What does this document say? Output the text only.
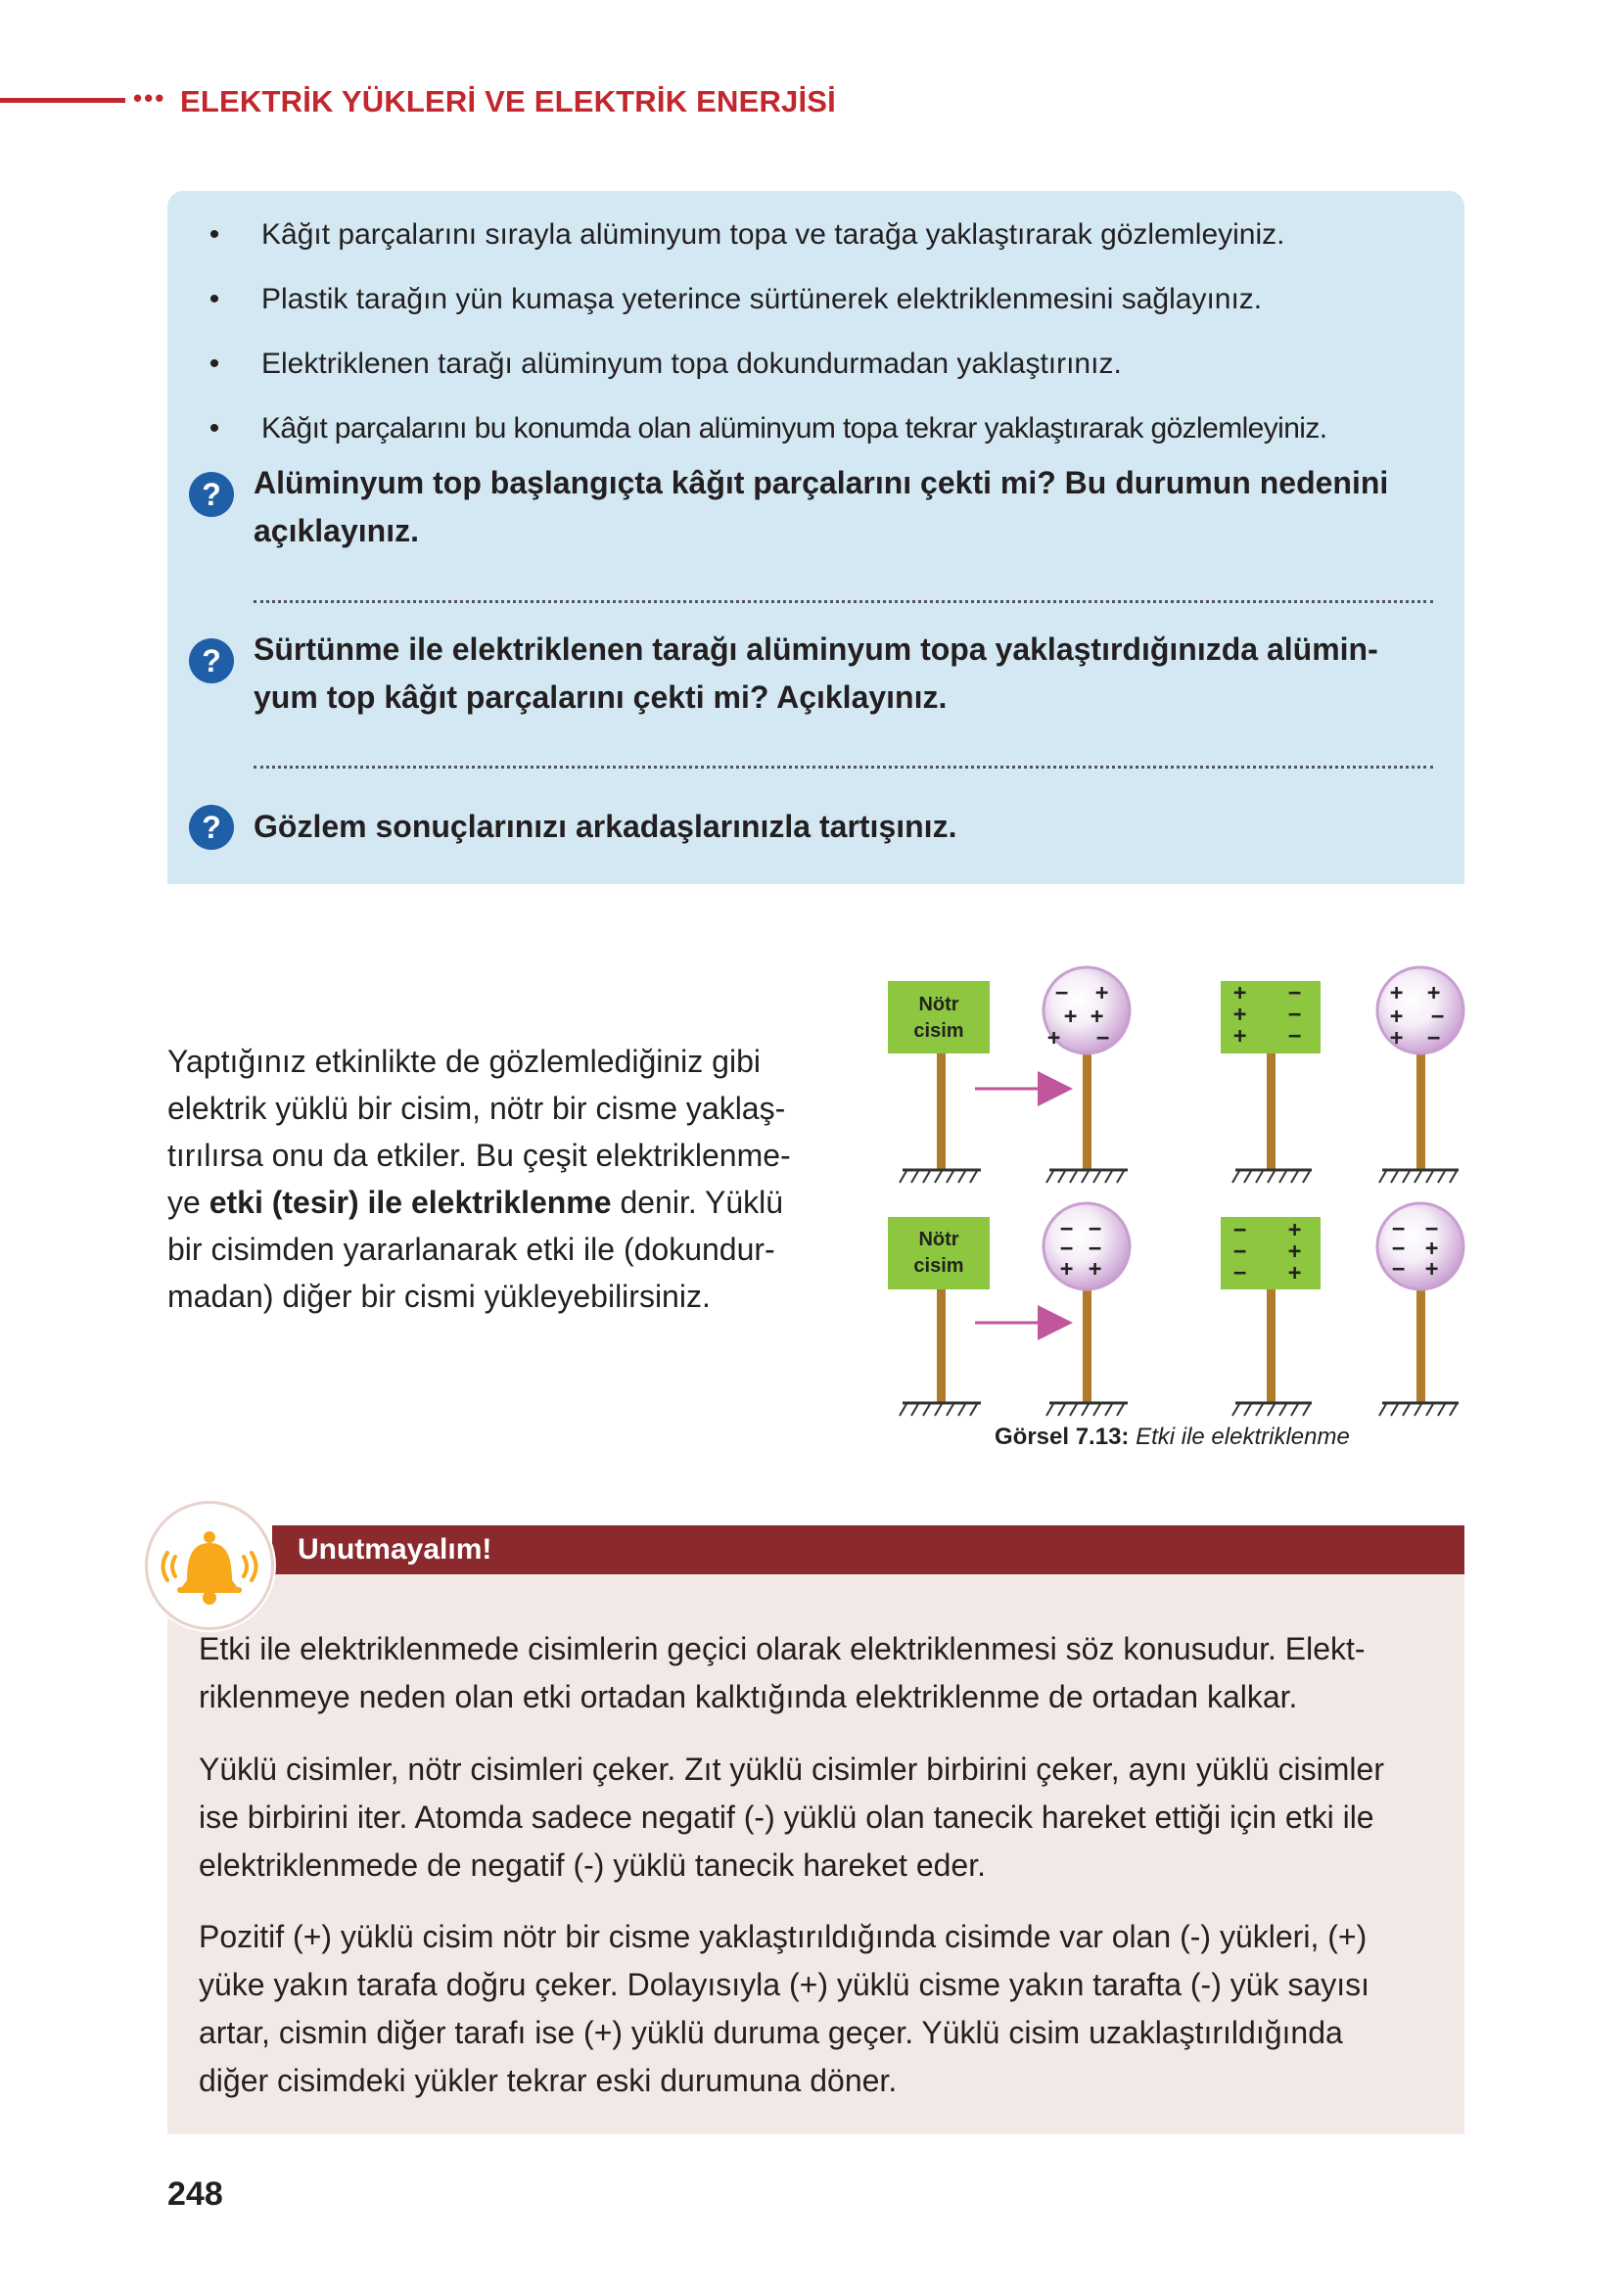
••• ELEKTRİK YÜKLERİ VE ELEKTRİK ENERJİSİ
• Kâğıt parçalarını sırayla alüminyum topa ve tarağa yaklaştırarak gözlemleyiniz.
• Plastik tarağın yün kumaşa yeterince sürtünerek elektriklenmesini sağlayınız.
• Elektriklenen tarağı alüminyum topa dokundurmadan yaklaştırınız.
• Kâğıt parçalarını bu konumda olan alüminyum topa tekrar yaklaştırarak gözlemleyiniz.
?	Alüminyum top başlangıçta kâğıt parçalarını çekti mi? Bu durumun nedenini
açıklayınız.
?	Sürtünme ile elektriklenen tarağı alüminyum topa yaklaştırdığınızda alümin-
yum top kâğıt parçalarını çekti mi? Açıklayınız.
?	Gözlem sonuçlarınızı arkadaşlarınızla tartışınız.
Yaptığınız etkinlikte de gözlemlediğiniz gibi
elektrik yüklü bir cisim, nötr bir cisme yaklaş-
tırılırsa onu da etkiler. Bu çeşit elektriklenme-
ye etki (tesir) ile elektriklenme denir. Yüklü
bir cisimden yararlanarak etki ile (dokundur-
madan) diğer bir cismi yükleyebilirsiniz.
Nötr
cisim
− +
+ +
+ −
+
+
+
−
−
−
+ +
+ −
+ −
Nötr
cisim
− −
− −
+ +
−
−
−
+
+
+
− −
− +
− +
Görsel 7.13: Etki ile elektriklenme
Etki ile elektriklenmede cisimlerin geçici olarak elektriklenmesi söz konusudur. Elekt-
riklenmeye neden olan etki ortadan kalktığında elektriklenme de ortadan kalkar.
Yüklü cisimler, nötr cisimleri çeker. Zıt yüklü cisimler birbirini çeker, aynı yüklü cisimler
ise birbirini iter. Atomda sadece negatif (-) yüklü olan tanecik hareket ettiği için etki ile
elektriklenmede de negatif (-) yüklü tanecik hareket eder.
Pozitif (+) yüklü cisim nötr bir cisme yaklaştırıldığında cisimde var olan (-) yükleri, (+)
yüke yakın tarafa doğru çeker. Dolayısıyla (+) yüklü cisme yakın tarafta (-) yük sayısı
artar, cismin diğer tarafı ise (+) yüklü duruma geçer. Yüklü cisim uzaklaştırıldığında
diğer cisimdeki yükler tekrar eski durumuna döner.
Unutmayalım!
248
